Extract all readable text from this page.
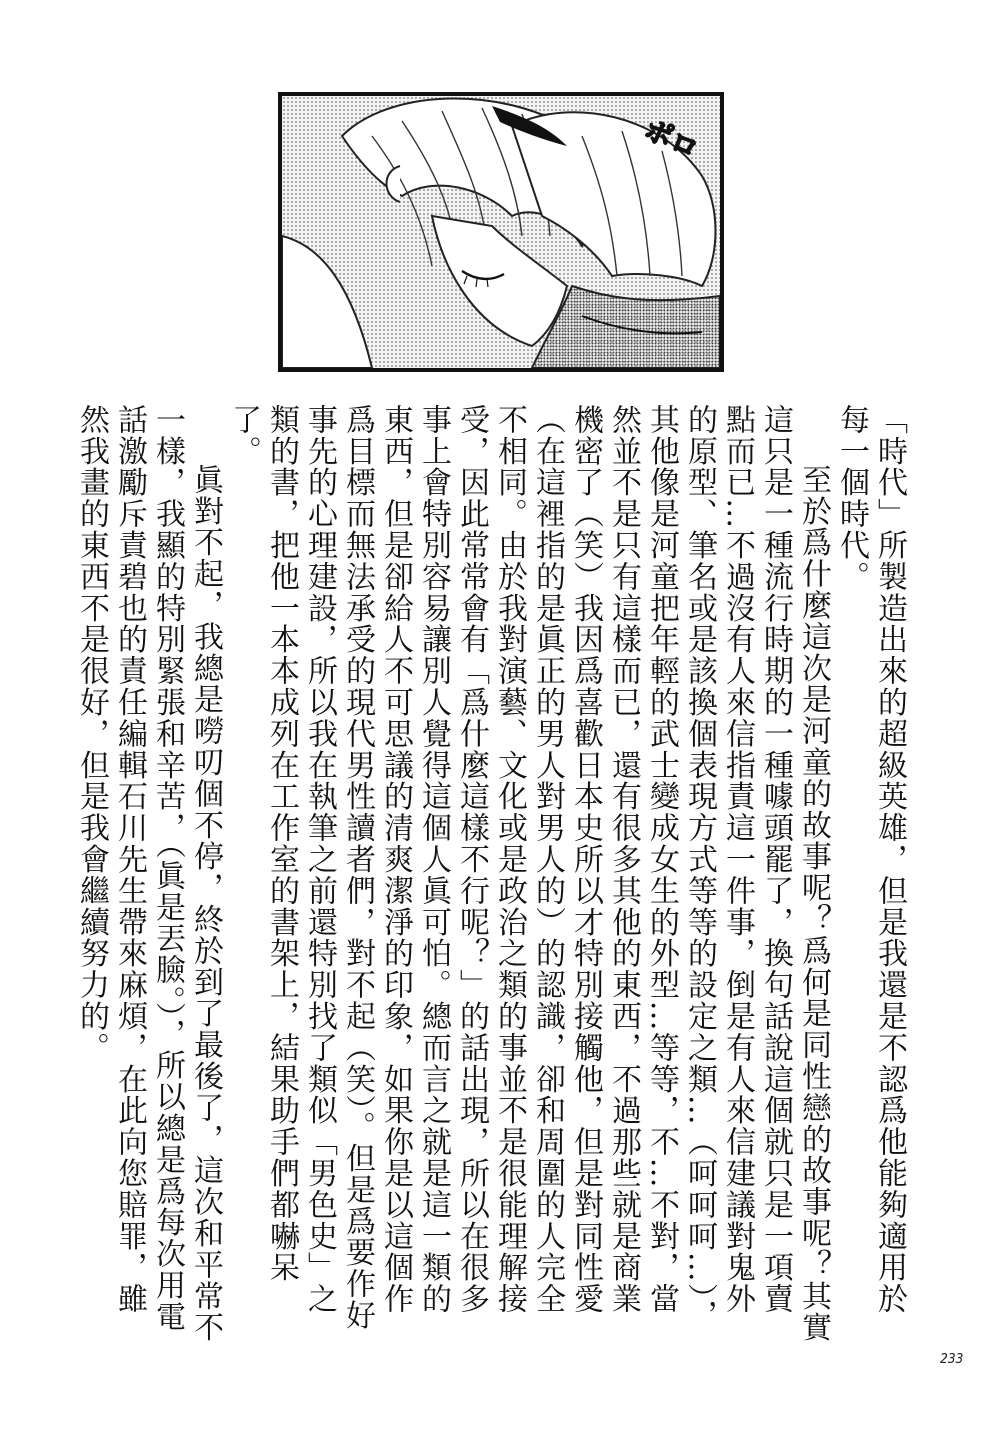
ポロ

「時代」所製造出來的超級英雄，但是我還是不認爲他能夠適用於每一個時代。

至於爲什麼這次是河童的故事呢？爲何是同性戀的故事呢？其實這只是一種流行時期的一種噱頭罷了，換句話說這個就只是一項賣點而已…不過沒有人來信指責這一件事，倒是有人來信建議對鬼外的原型、筆名或是該換個表現方式等等的設定之類…（呵呵呵…），其他像是河童把年輕的武士變成女生的外型…等等，不…不對，當然並不是只有這樣而已，還有很多其他的東西，不過那些就是商業機密了（笑）我因爲喜歡日本史所以才特別接觸他，但是對同性愛（在這裡指的是眞正的男人對男人的）的認識，卻和周圍的人完全不相同。由於我對演藝、文化或是政治之類的事並不是很能理解接受，因此常常會有「爲什麼這樣不行呢？」的話出現，所以在很多事上會特別容易讓別人覺得這個人眞可怕。總而言之就是這一類的東西，但是卻給人不可思議的清爽潔淨的印象，如果你是以這個作爲目標而無法承受的現代男性讀者們，對不起（笑）。但是爲要作好事先的心理建設，所以我在執筆之前還特別找了類似「男色史」之類的書，把他一本本成列在工作室的書架上，結果助手們都嚇呆了。

眞對不起，我總是嘮叨個不停，終於到了最後了，這次和平常不一樣，我顯的特別緊張和辛苦，（眞是丟臉。），所以總是爲每次用電話激勵斥責碧也的責任編輯石川先生帶來麻煩，在此向您賠罪，雖然我畫的東西不是很好，但是我會繼續努力的。

233
